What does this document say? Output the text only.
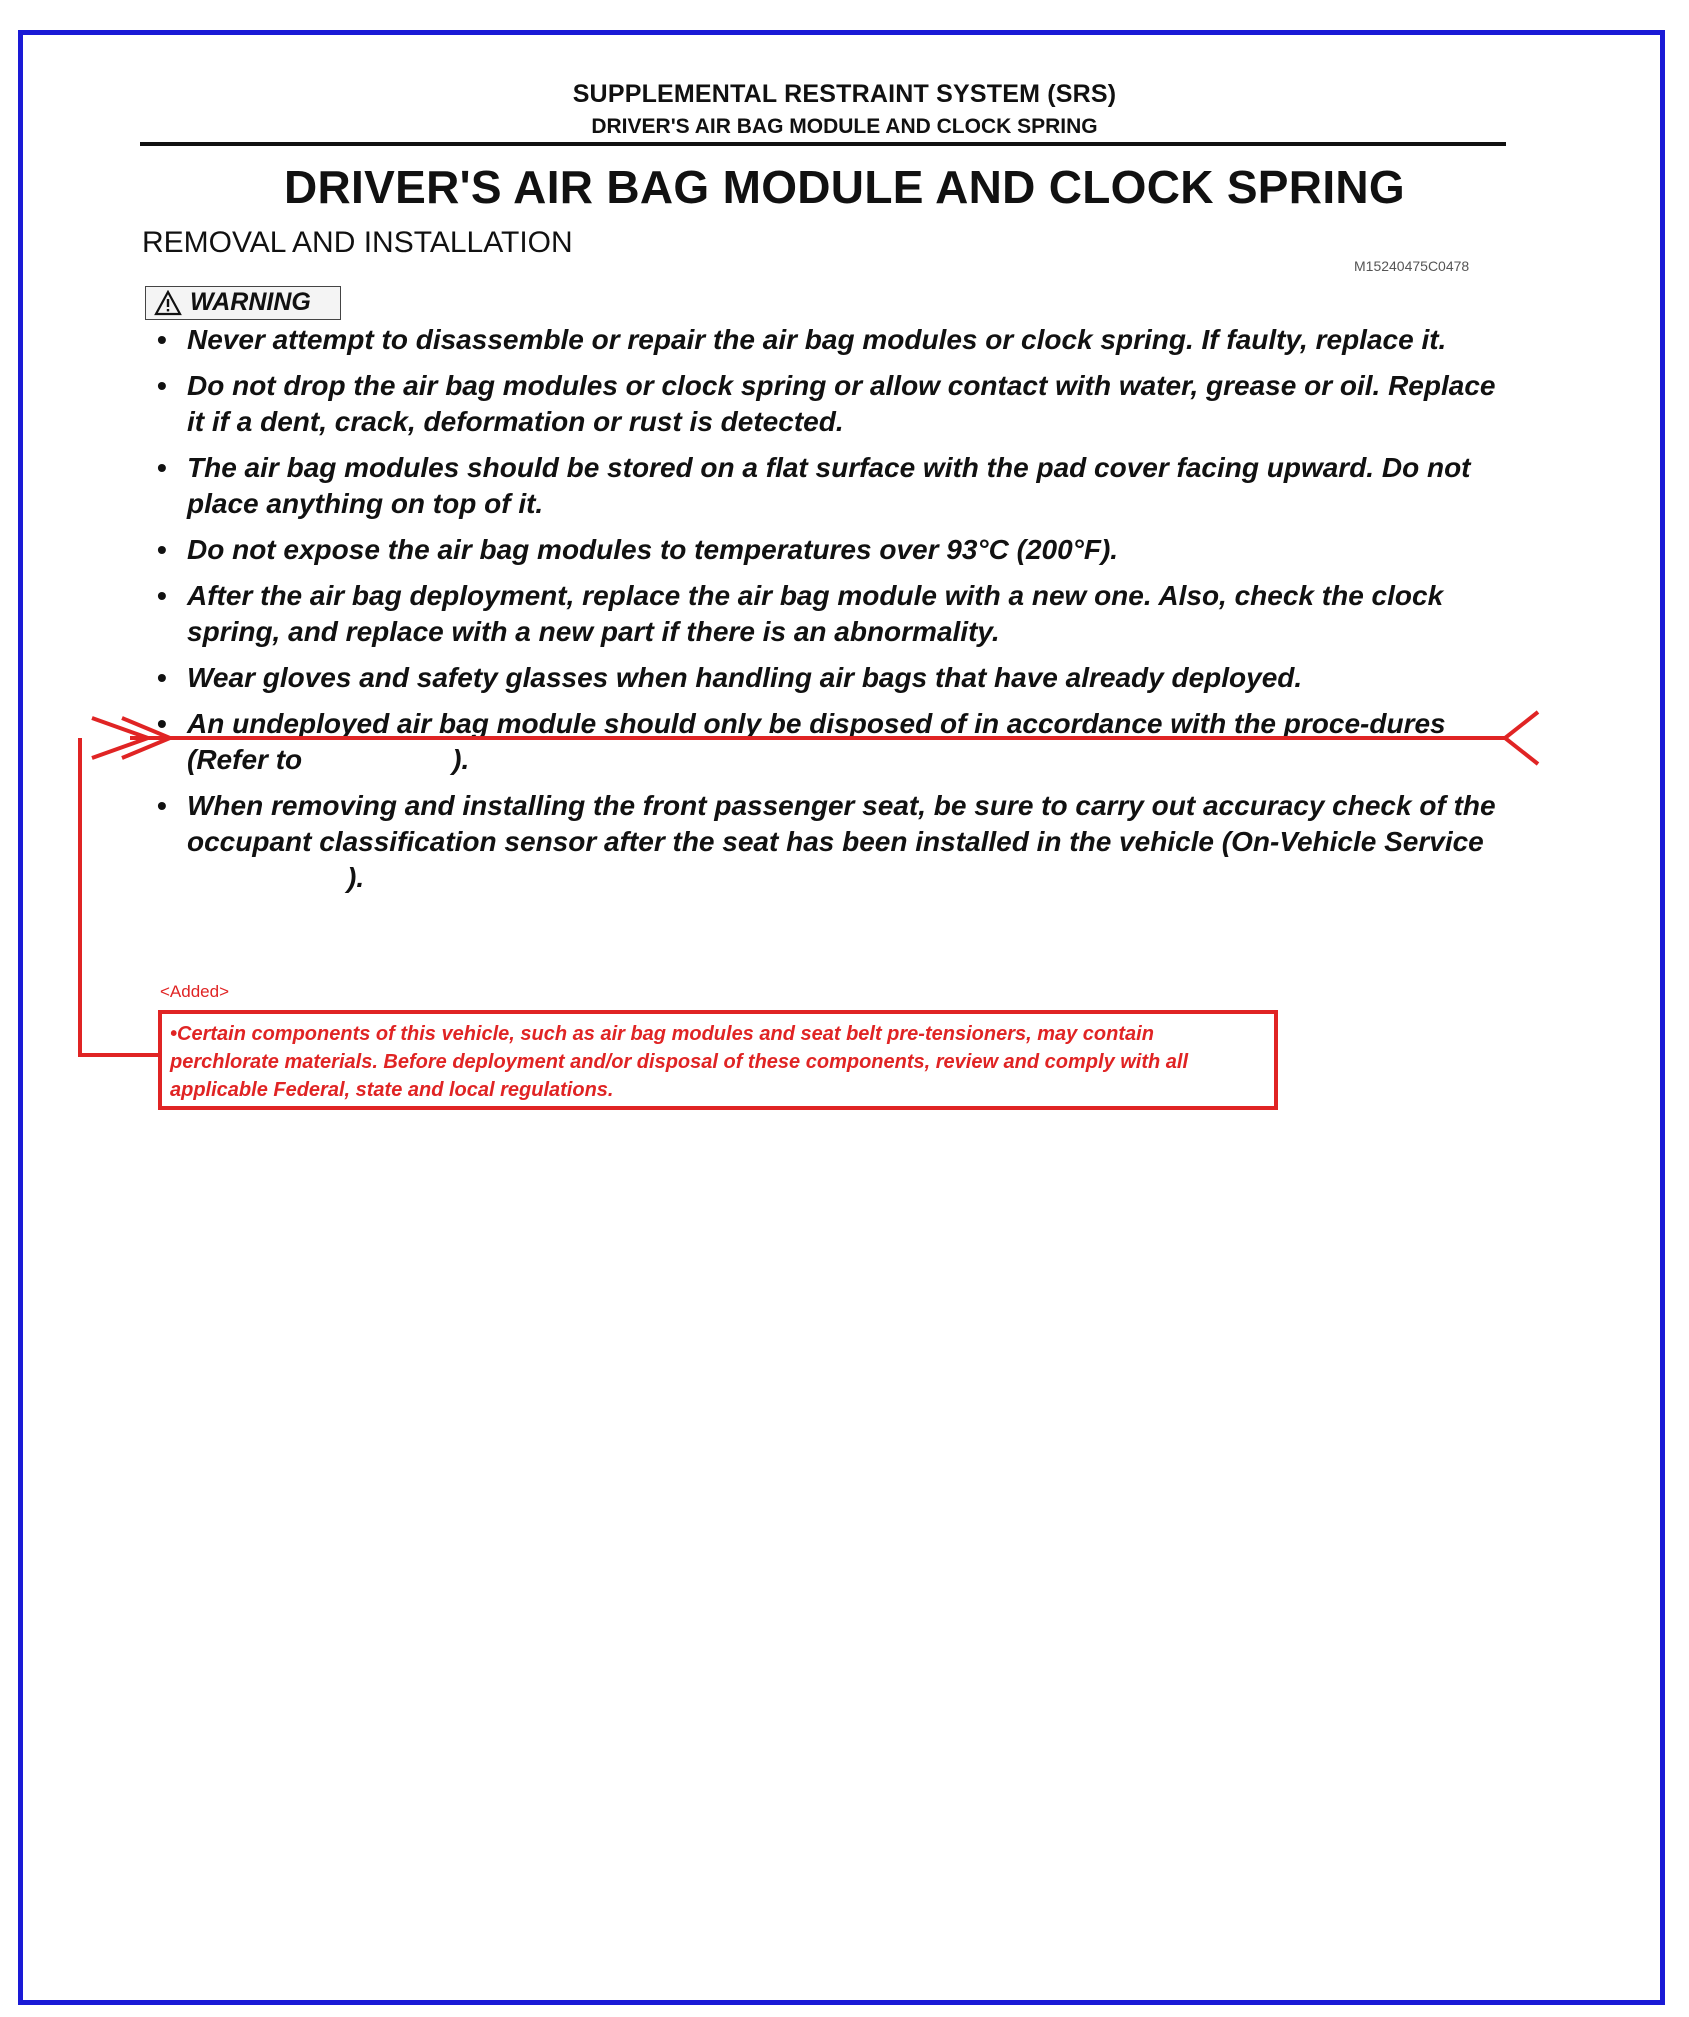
SUPPLEMENTAL RESTRAINT SYSTEM (SRS)
DRIVER'S AIR BAG MODULE AND CLOCK SPRING
DRIVER'S AIR BAG MODULE AND CLOCK SPRING
REMOVAL AND INSTALLATION
M15240475C0478
WARNING
• Never attempt to disassemble or repair the air bag modules or clock spring. If faulty, replace it.
• Do not drop the air bag modules or clock spring or allow contact with water, grease or oil. Replace it if a dent, crack, deformation or rust is detected.
• The air bag modules should be stored on a flat surface with the pad cover facing upward. Do not place anything on top of it.
• Do not expose the air bag modules to temperatures over 93°C (200°F).
• After the air bag deployment, replace the air bag module with a new one. Also, check the clock spring, and replace with a new part if there is an abnormality.
• Wear gloves and safety glasses when handling air bags that have already deployed.
• An undeployed air bag module should only be disposed of in accordance with the proce-dures (Refer to	).
• When removing and installing the front passenger seat, be sure to carry out accuracy check of the occupant classification sensor after the seat has been installed in the vehicle (On-Vehicle Service).
<Added>
•Certain components of this vehicle, such as air bag modules and seat belt pre-tensioners, may contain perchlorate materials. Before deployment and/or disposal of these components, review and comply with all applicable Federal, state and local regulations.
